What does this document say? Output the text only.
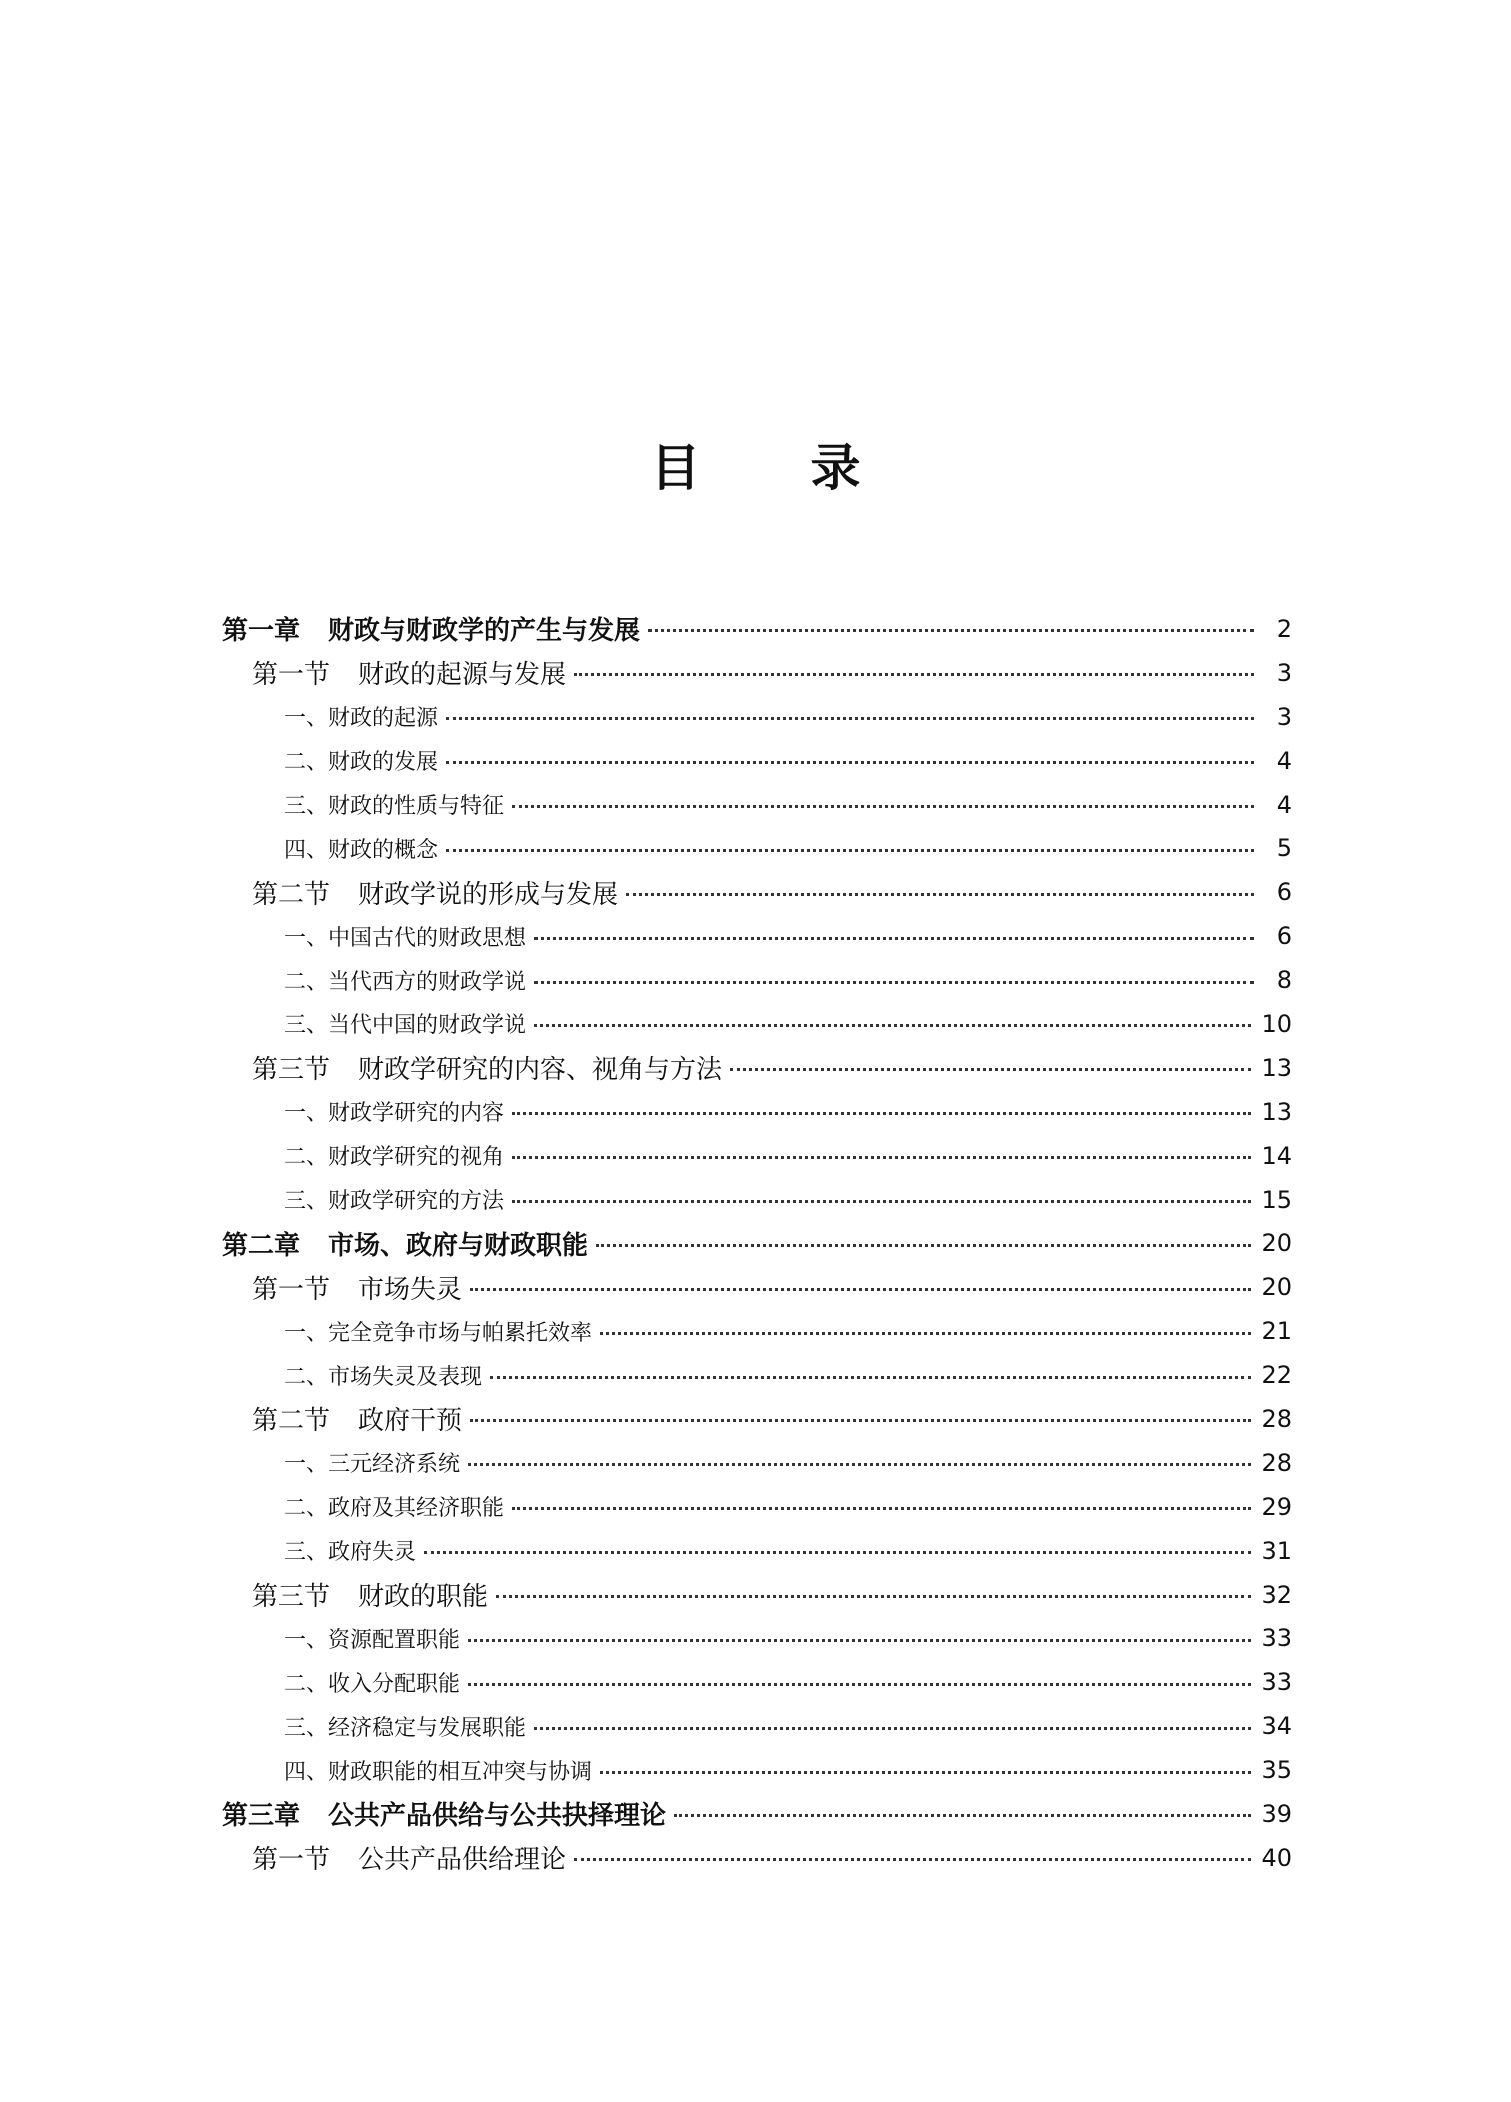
目 录
第一章 财政与财政学的产生与发展	2
第一节 财政的起源与发展	3
一、财政的起源	3
二、财政的发展	4
三、财政的性质与特征	4
四、财政的概念	5
第二节 财政学说的形成与发展	6
一、中国古代的财政思想	6
二、当代西方的财政学说	8
三、当代中国的财政学说	10
第三节 财政学研究的内容、视角与方法	13
一、财政学研究的内容	13
二、财政学研究的视角	14
三、财政学研究的方法	15
第二章 市场、政府与财政职能	20
第一节 市场失灵	20
一、完全竞争市场与帕累托效率	21
二、市场失灵及表现	22
第二节 政府干预	28
一、三元经济系统	28
二、政府及其经济职能	29
三、政府失灵	31
第三节 财政的职能	32
一、资源配置职能	33
二、收入分配职能	33
三、经济稳定与发展职能	34
四、财政职能的相互冲突与协调	35
第三章 公共产品供给与公共抉择理论	39
第一节 公共产品供给理论	40
